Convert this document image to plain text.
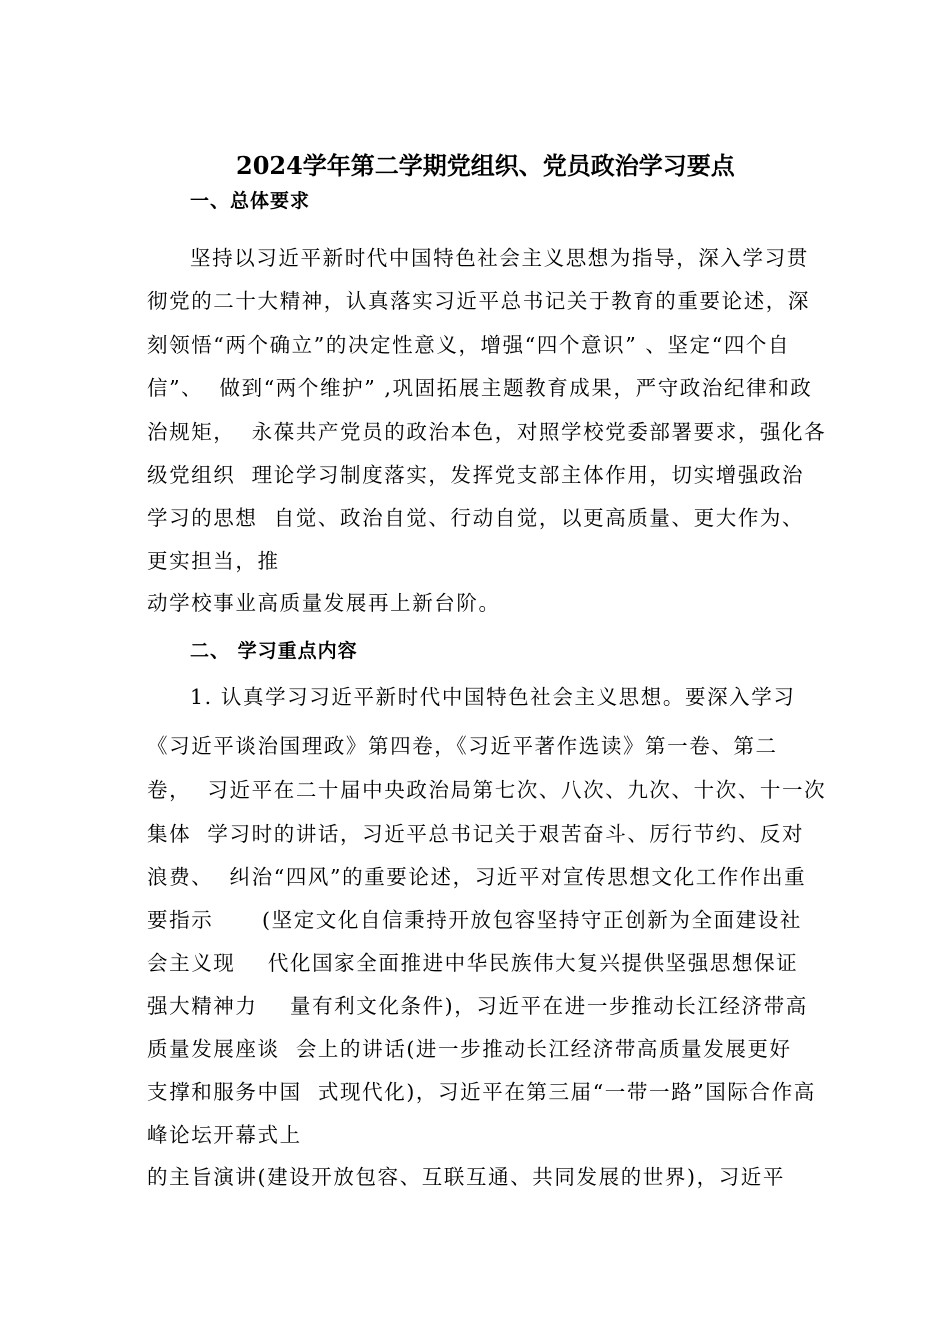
2024学年第二学期党组织、党员政治学习要点
一、总体要求
坚持以习近平新时代中国特色社会主义思想为指导，深入学习贯
彻党的二十大精神，认真落实习近平总书记关于教育的重要论述，深
刻领悟“两个确立”的决定性意义，增强“四个意识” 、坚定“四个自
信”、  做到“两个维护” ,巩固拓展主题教育成果，严守政治纪律和政
治规矩，  永葆共产党员的政治本色，对照学校党委部署要求，强化各
级党组织  理论学习制度落实，发挥党支部主体作用，切实增强政治
学习的思想  自觉、政治自觉、行动自觉，以更高质量、更大作为、
更实担当，推
动学校事业高质量发展再上新台阶。
二、 学习重点内容
1. 认真学习习近平新时代中国特色社会主义思想。要深入学习
《习近平谈治国理政》第四卷，《习近平著作选读》第一卷、第二
卷，  习近平在二十届中央政治局第七次、八次、九次、十次、十一次
集体  学习时的讲话，习近平总书记关于艰苦奋斗、厉行节约、反对
浪费、  纠治“四风”的重要论述，习近平对宣传思想文化工作作出重
要指示      (坚定文化自信秉持开放包容坚持守正创新为全面建设社
会主义现    代化国家全面推进中华民族伟大复兴提供坚强思想保证
强大精神力    量有利文化条件)，习近平在进一步推动长江经济带高
质量发展座谈  会上的讲话(进一步推动长江经济带高质量发展更好
支撑和服务中国  式现代化)，习近平在第三届“一带一路”国际合作高
峰论坛开幕式上
的主旨演讲(建设开放包容、互联互通、共同发展的世界)，习近平
